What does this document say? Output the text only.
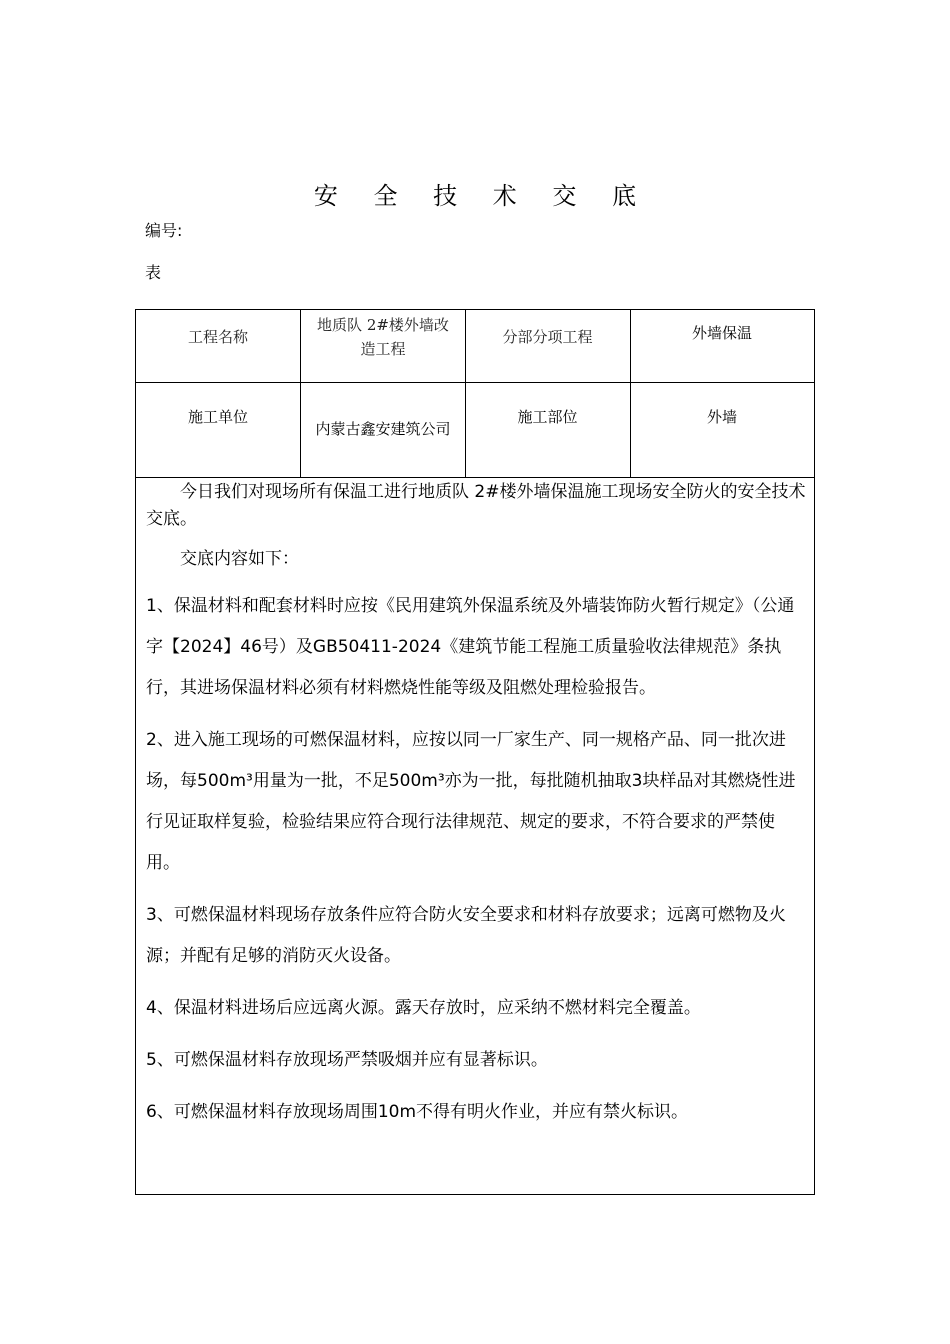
安 全 技 术 交 底
编号:
表
工程名称
地质队 2#楼外墙改造工程
分部分项工程	外墙保温
施工单位
内蒙古鑫安建筑公司
施工部位	外墙

今日我们对现场所有保温工进行地质队 2#楼外墙保温施工现场安全防火的安全技术交底。

交底内容如下：

1、保温材料和配套材料时应按《民用建筑外保温系统及外墙装饰防火暂行规定》（公通字【2024】46号）及GB50411-2024《建筑节能工程施工质量验收法律规范》条执行，其进场保温材料必须有材料燃烧性能等级及阻燃处理检验报告。

2、进入施工现场的可燃保温材料，应按以同一厂家生产、同一规格产品、同一批次进场，每500m³用量为一批，不足500m³亦为一批，每批随机抽取3块样品对其燃烧性进行见证取样复验，检验结果应符合现行法律规范、规定的要求，不符合要求的严禁使用。

3、可燃保温材料现场存放条件应符合防火安全要求和材料存放要求；远离可燃物及火源；并配有足够的消防灭火设备。

4、保温材料进场后应远离火源。露天存放时，应采纳不燃材料完全覆盖。

5、可燃保温材料存放现场严禁吸烟并应有显著标识。

6、可燃保温材料存放现场周围10m不得有明火作业，并应有禁火标识。
